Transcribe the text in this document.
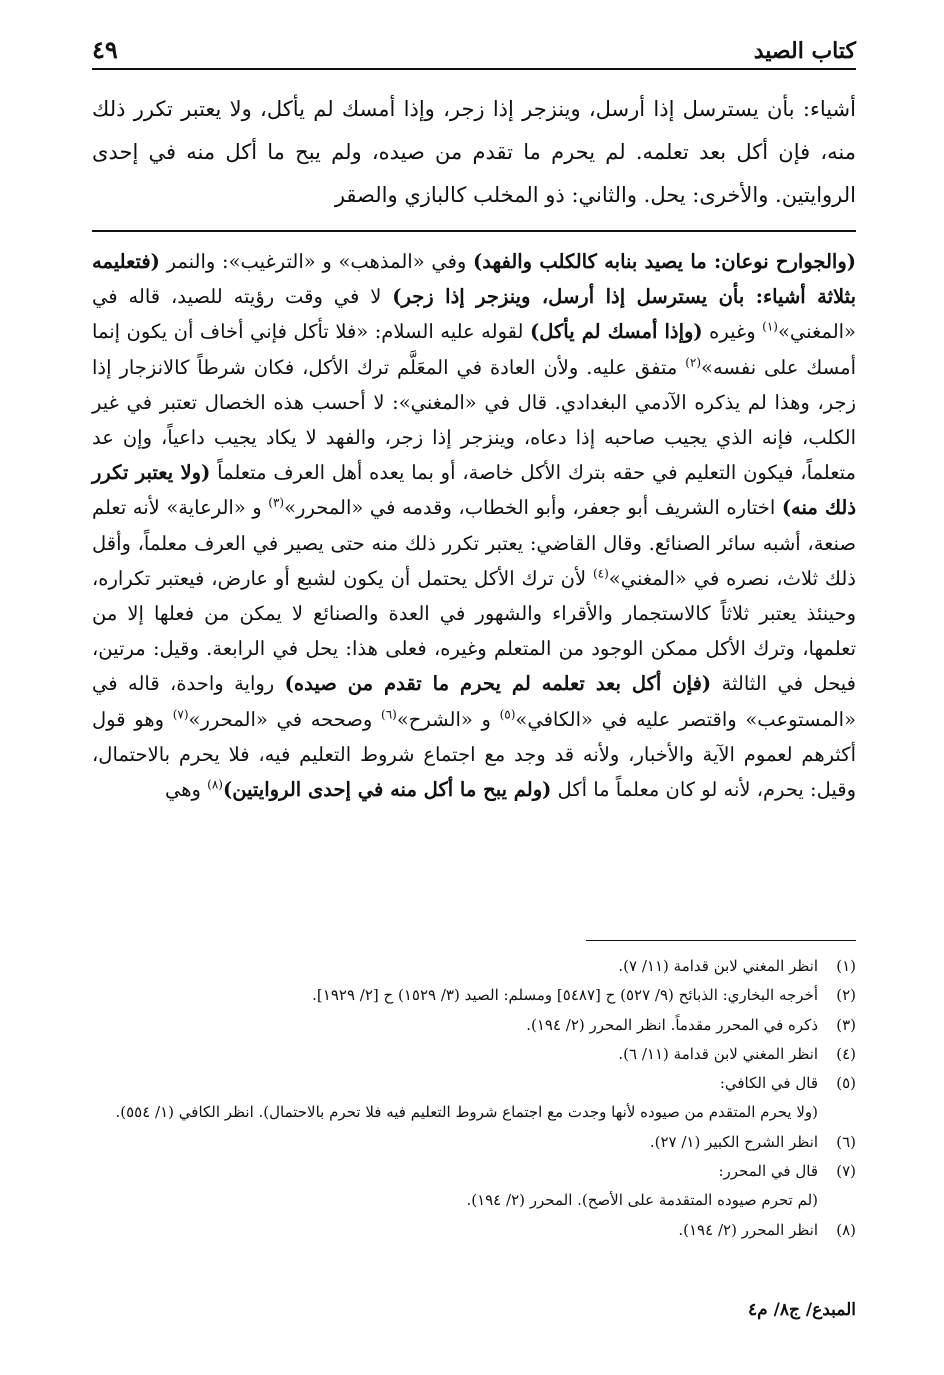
كتاب الصيد
٤٩

أشياء: بأن يسترسل إذا أرسل، وينزجر إذا زجر، وإذا أمسك لم يأكل، ولا يعتبر تكرر ذلك منه، فإن أكل بعد تعلمه. لم يحرم ما تقدم من صيده، ولم يبح ما أكل منه في إحدى الروايتين. والأخرى: يحل. والثاني: ذو المخلب كالبازي والصقر

(والجوارح نوعان: ما يصيد بنابه كالكلب والفهد) وفي «المذهب» و «الترغيب»: والنمر (فتعليمه بثلاثة أشياء: بأن يسترسل إذا أرسل، وينزجر إذا زجر) لا في وقت رؤيته للصيد، قاله في «المغني»$^{(١)}$ وغيره (وإذا أمسك لم يأكل) لقوله عليه السلام: «فلا تأكل فإني أخاف أن يكون إنما أمسك على نفسه»$^{(٢)}$ متفق عليه. ولأن العادة في المعَلَّم ترك الأكل، فكان شرطاً كالانزجار إذا زجر، وهذا لم يذكره الآدمي البغدادي. قال في «المغني»: لا أحسب هذه الخصال تعتبر في غير الكلب، فإنه الذي يجيب صاحبه إذا دعاه، وينزجر إذا زجر، والفهد لا يكاد يجيب داعياً، وإن عد متعلماً، فيكون التعليم في حقه بترك الأكل خاصة، أو بما يعده أهل العرف متعلماً (ولا يعتبر تكرر ذلك منه) اختاره الشريف أبو جعفر، وأبو الخطاب، وقدمه في «المحرر»$^{(٣)}$ و «الرعاية» لأنه تعلم صنعة، أشبه سائر الصنائع. وقال القاضي: يعتبر تكرر ذلك منه حتى يصير في العرف معلماً، وأقل ذلك ثلاث، نصره في «المغني»$^{(٤)}$ لأن ترك الأكل يحتمل أن يكون لشبع أو عارض، فيعتبر تكراره، وحينئذ يعتبر ثلاثاً كالاستجمار والأقراء والشهور في العدة والصنائع لا يمكن من فعلها إلا من تعلمها، وترك الأكل ممكن الوجود من المتعلم وغيره، فعلى هذا: يحل في الرابعة. وقيل: مرتين، فيحل في الثالثة (فإن أكل بعد تعلمه لم يحرم ما تقدم من صيده) رواية واحدة، قاله في «المستوعب» واقتصر عليه في «الكافي»$^{(٥)}$ و «الشرح»$^{(٦)}$ وصححه في «المحرر»$^{(٧)}$ وهو قول أكثرهم لعموم الآية والأخبار، ولأنه قد وجد مع اجتماع شروط التعليم فيه، فلا يحرم بالاحتمال، وقيل: يحرم، لأنه لو كان معلماً ما أكل (ولم يبح ما أكل منه في إحدى الروايتين)$^{(٨)}$ وهي

(١)
انظر المغني لابن قدامة (١١/ ٧).
(٢)
أخرجه البخاري: الذبائح (٩/ ٥٢٧) ح [٥٤٨٧] ومسلم: الصيد (٣/ ١٥٢٩) ح [٢/ ١٩٢٩].
(٣)
ذكره في المحرر مقدماً. انظر المحرر (٢/ ١٩٤).
(٤)
انظر المغني لابن قدامة (١١/ ٦).
(٥)
قال في الكافي:
(ولا يحرم المتقدم من صيوده لأنها وجدت مع اجتماع شروط التعليم فيه فلا تحرم بالاحتمال). انظر الكافي (١/ ٥٥٤).
(٦)
انظر الشرح الكبير (١/ ٢٧).
(٧)
قال في المحرر:
(لم تحرم صيوده المتقدمة على الأصح). المحرر (٢/ ١٩٤).
(٨)
انظر المحرر (٢/ ١٩٤).
المبدع/ ج٨/ م٤
